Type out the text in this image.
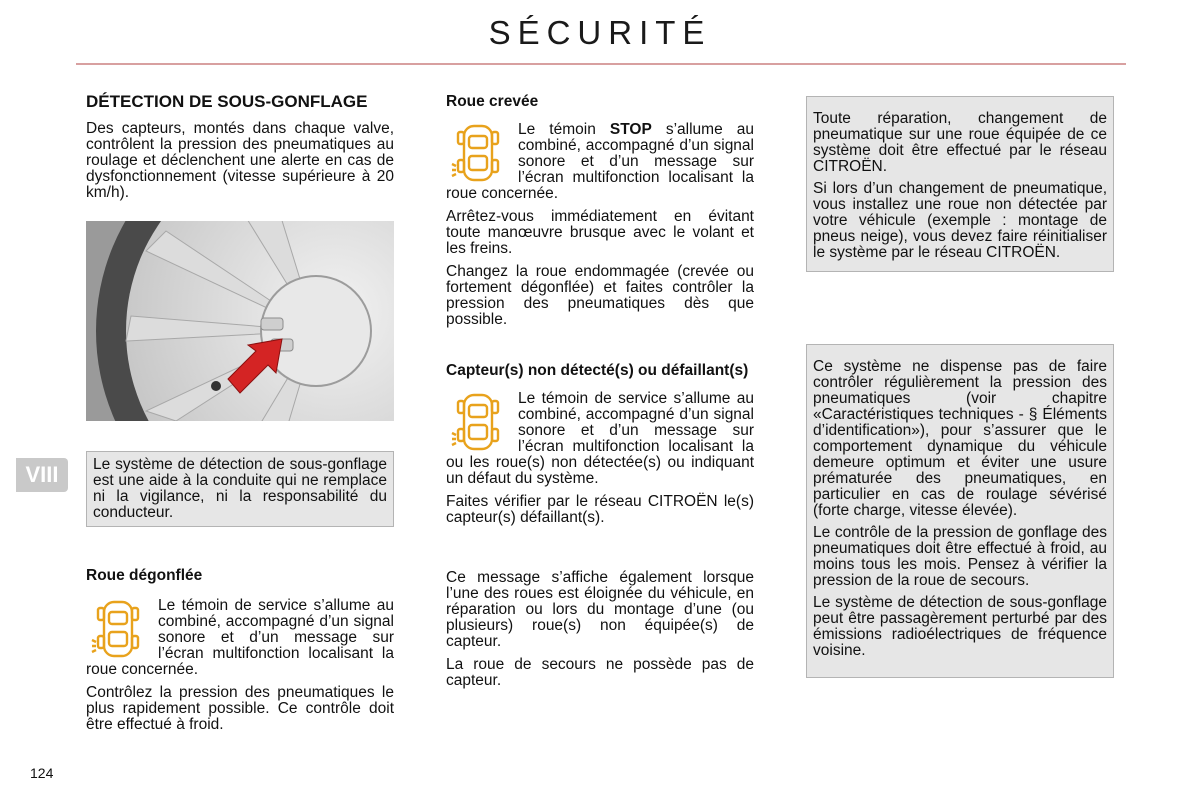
SÉCURITÉ
VIII
124
DÉTECTION DE SOUS-GONFLAGE

Des capteurs, montés dans chaque valve, contrôlent la pression des pneumatiques au roulage et déclenchent une alerte en cas de dysfonctionnement (vitesse supérieure à 20 km/h).

Le système de détection de sous-gonflage est une aide à la conduite qui ne remplace ni la vigilance, ni la responsabilité du conducteur.

Roue dégonflée

Le témoin de service s’allume au combiné, accompagné d’un signal sonore et d’un message sur l’écran multifonction localisant la roue concernée.

Contrôlez la pression des pneumatiques le plus rapidement possible. Ce contrôle doit être effectué à froid.

Roue crevée

Le témoin STOP s’allume au combiné, accompagné d’un signal sonore et d’un message sur l’écran multifonction localisant la roue concernée.

Arrêtez-vous immédiatement en évitant toute manœuvre brusque avec le volant et les freins.

Changez la roue endommagée (crevée ou fortement dégonflée) et faites contrôler la pression des pneumatiques dès que possible.

Capteur(s) non détecté(s) ou défaillant(s)

Le témoin de service s’allume au combiné, accompagné d’un signal sonore et d’un message sur l’écran multifonction localisant la ou les roue(s) non détectée(s) ou indiquant un défaut du système.

Faites vérifier par le réseau CITROËN le(s) capteur(s) défaillant(s).

Ce message s’affiche également lorsque l’une des roues est éloignée du véhicule, en réparation ou lors du montage d’une (ou plusieurs) roue(s) non équipée(s) de capteur.

La roue de secours ne possède pas de capteur.

Toute réparation, changement de pneumatique sur une roue équipée de ce système doit être effectué par le réseau CITROËN.

Si lors d’un changement de pneumatique, vous installez une roue non détectée par votre véhicule (exemple : montage de pneus neige), vous devez faire réinitialiser le système par le réseau CITROËN.

Ce système ne dispense pas de faire contrôler régulièrement la pression des pneumatiques (voir chapitre «Caractéristiques techniques - § Éléments d’identification»), pour s’assurer que le comportement dynamique du véhicule demeure optimum et éviter une usure prématurée des pneumatiques, en particulier en cas de roulage sévérisé (forte charge, vitesse élevée).

Le contrôle de la pression de gonflage des pneumatiques doit être effectué à froid, au moins tous les mois. Pensez à vérifier la pression de la roue de secours.

Le système de détection de sous-gonflage peut être passagèrement perturbé par des émissions radioélectriques de fréquence voisine.
